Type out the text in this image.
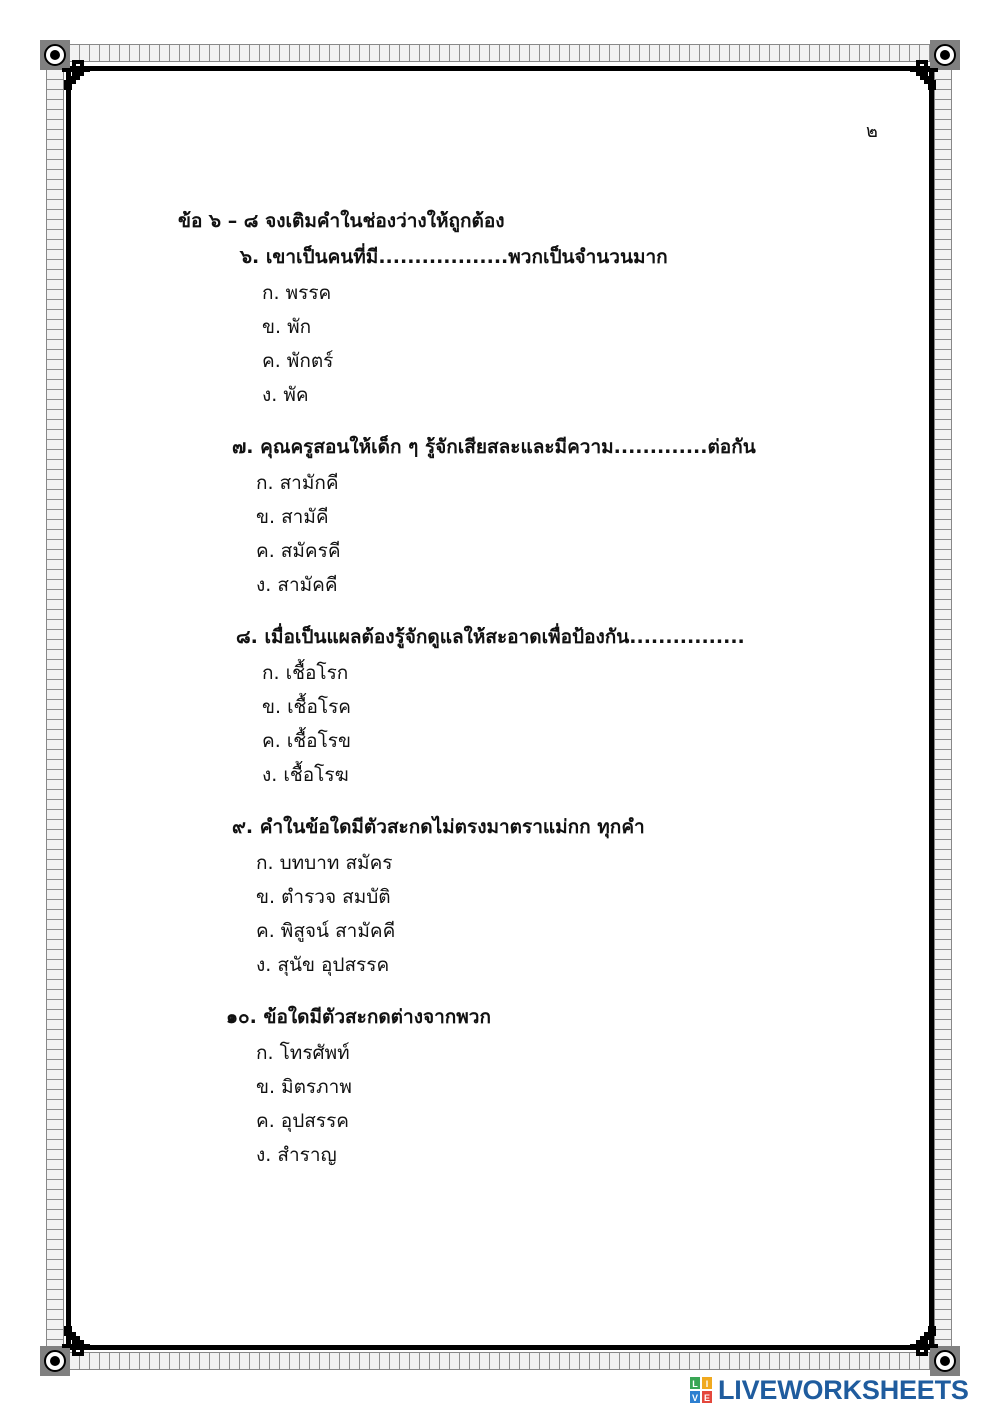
๒
ข้อ ๖ – ๘ จงเติมคำในช่องว่างให้ถูกต้อง
๖. เขาเป็นคนที่มี..................พวกเป็นจำนวนมาก
ก. พรรค
ข. พัก
ค. พักตร์
ง. พัค
๗. คุณครูสอนให้เด็ก ๆ รู้จักเสียสละและมีความ.............ต่อกัน
ก. สามักคี
ข. สามัคี
ค. สมัครคี
ง. สามัคคี
๘. เมื่อเป็นแผลต้องรู้จักดูแลให้สะอาดเพื่อป้องกัน................
ก. เชื้อโรก
ข. เชื้อโรค
ค. เชื้อโรข
ง. เชื้อโรฆ
๙. คำในข้อใดมีตัวสะกดไม่ตรงมาตราแม่กก ทุกคำ
ก. บทบาท สมัคร
ข. ตำรวจ สมบัติ
ค. พิสูจน์ สามัคคี
ง. สุนัข อุปสรรค
๑๐. ข้อใดมีตัวสะกดต่างจากพวก
ก. โทรศัพท์
ข. มิตรภาพ
ค. อุปสรรค
ง. สำราญ
L I
V E LIVEWORKSHEETS
